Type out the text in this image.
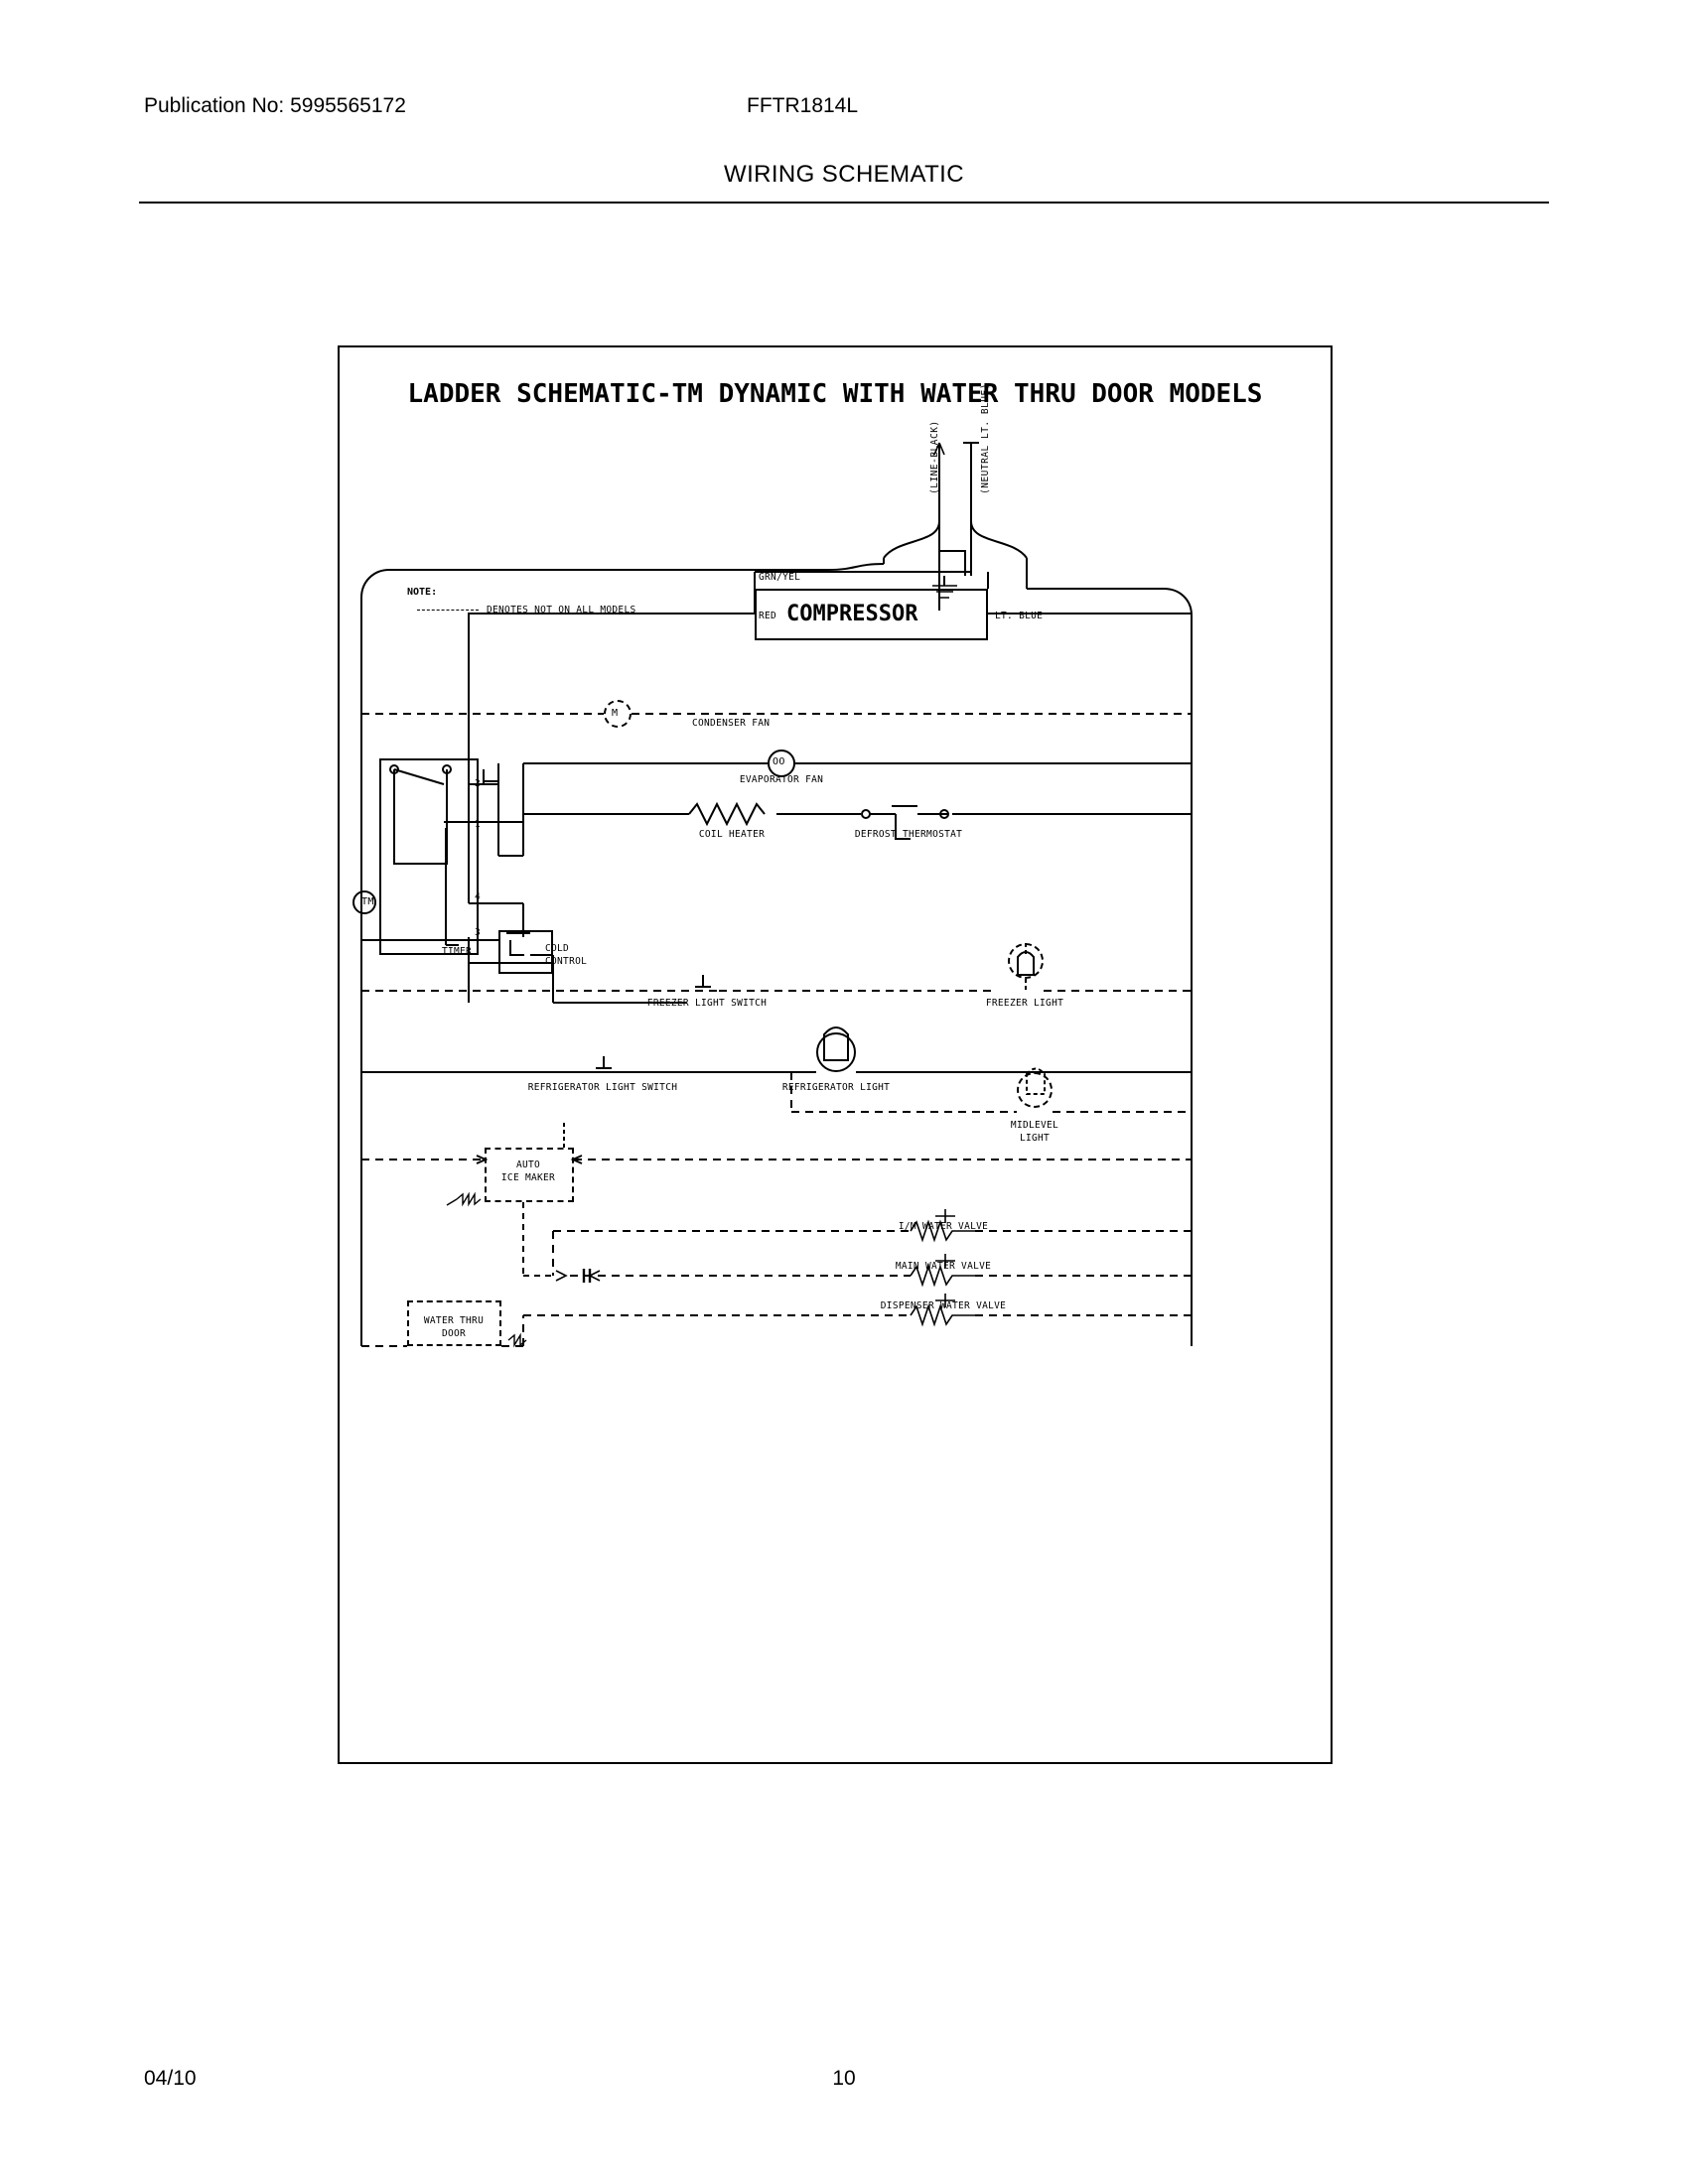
Publication No: 5995565172	FFTR1814L
WIRING SCHEMATIC
LADDER SCHEMATIC-TM DYNAMIC WITH WATER THRU DOOR MODELS
NOTE:
DENOTES NOT ON ALL MODELS
(LINE-BLACK)	(NEUTRAL LT. BLUE)
COMPRESSOR
GRN/YEL
RED	LT. BLUE
CONDENSER FAN
EVAPORATOR FAN
COIL HEATER	DEFROST THERMOSTAT
TIMER	COLD
CONTROL
FREEZER LIGHT SWITCH	FREEZER LIGHT
REFRIGERATOR LIGHT SWITCH	REFRIGERATOR LIGHT
MIDLEVEL
LIGHT
AUTO
ICE MAKER
I/M WATER VALVE
MAIN WATER VALVE
DISPENSER WATER VALVE
WATER THRU
DOOR
2
1
4
3
TM
M
OO
04/10	10
